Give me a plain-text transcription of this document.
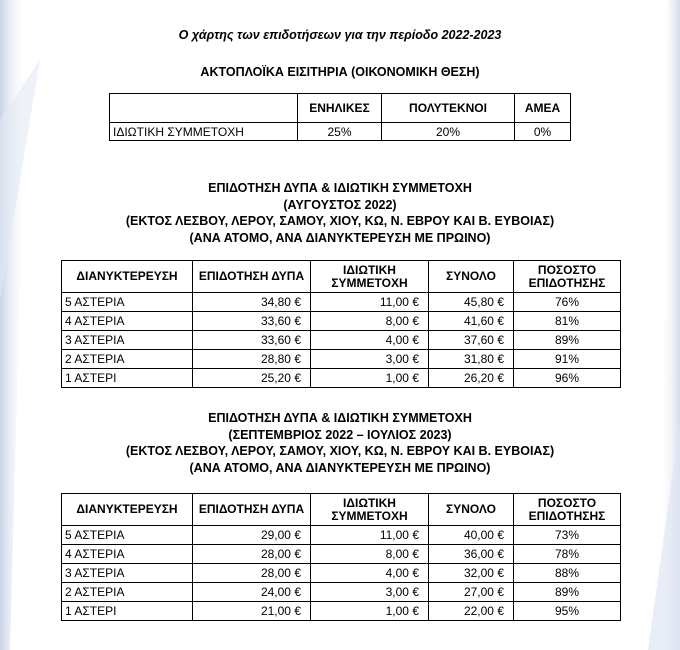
Ο χάρτης των επιδοτήσεων για την περίοδο 2022-2023
ΑΚΤΟΠΛΟΪΚΑ ΕΙΣΙΤΗΡΙΑ (ΟΙΚΟΝΟΜΙΚΗ ΘΕΣΗ)
	ΕΝΗΛΙΚΕΣ	ΠΟΛΥΤΕΚΝΟΙ	ΑΜΕΑ
ΙΔΙΩΤΙΚΗ ΣΥΜΜΕΤΟΧΗ	25%	20%	0%
ΕΠΙΔΟΤΗΣΗ ΔΥΠΑ & ΙΔΙΩΤΙΚΗ ΣΥΜΜΕΤΟΧΗ
(ΑΥΓΟΥΣΤΟΣ 2022)
(ΕΚΤΟΣ ΛΕΣΒΟΥ, ΛΕΡΟΥ, ΣΑΜΟΥ, ΧΙΟΥ, ΚΩ, Ν. ΕΒΡΟΥ ΚΑΙ Β. ΕΥΒΟΙΑΣ)
(ΑΝΑ ΑΤΟΜΟ, ΑΝΑ ΔΙΑΝΥΚΤΕΡΕΥΣΗ ΜΕ ΠΡΩΙΝΟ)
ΔΙΑΝΥΚΤΕΡΕΥΣΗ	ΕΠΙΔΟΤΗΣΗ ΔΥΠΑ	ΙΔΙΩΤΙΚΗ ΣΥΜΜΕΤΟΧΗ	ΣΥΝΟΛΟ	ΠΟΣΟΣΤΟ ΕΠΙΔΟΤΗΣΗΣ
5 ΑΣΤΕΡΙΑ	34,80 €	11,00 €	45,80 €	76%
4 ΑΣΤΕΡΙΑ	33,60 €	8,00 €	41,60 €	81%
3 ΑΣΤΕΡΙΑ	33,60 €	4,00 €	37,60 €	89%
2 ΑΣΤΕΡΙΑ	28,80 €	3,00 €	31,80 €	91%
1 ΑΣΤΕΡΙ	25,20 €	1,00 €	26,20 €	96%
ΕΠΙΔΟΤΗΣΗ ΔΥΠΑ & ΙΔΙΩΤΙΚΗ ΣΥΜΜΕΤΟΧΗ
(ΣΕΠΤΕΜΒΡΙΟΣ 2022 – ΙΟΥΛΙΟΣ 2023)
(ΕΚΤΟΣ ΛΕΣΒΟΥ, ΛΕΡΟΥ, ΣΑΜΟΥ, ΧΙΟΥ, ΚΩ, Ν. ΕΒΡΟΥ ΚΑΙ Β. ΕΥΒΟΙΑΣ)
(ΑΝΑ ΑΤΟΜΟ, ΑΝΑ ΔΙΑΝΥΚΤΕΡΕΥΣΗ ΜΕ ΠΡΩΙΝΟ)
ΔΙΑΝΥΚΤΕΡΕΥΣΗ	ΕΠΙΔΟΤΗΣΗ ΔΥΠΑ	ΙΔΙΩΤΙΚΗ ΣΥΜΜΕΤΟΧΗ	ΣΥΝΟΛΟ	ΠΟΣΟΣΤΟ ΕΠΙΔΟΤΗΣΗΣ
5 ΑΣΤΕΡΙΑ	29,00 €	11,00 €	40,00 €	73%
4 ΑΣΤΕΡΙΑ	28,00 €	8,00 €	36,00 €	78%
3 ΑΣΤΕΡΙΑ	28,00 €	4,00 €	32,00 €	88%
2 ΑΣΤΕΡΙΑ	24,00 €	3,00 €	27,00 €	89%
1 ΑΣΤΕΡΙ	21,00 €	1,00 €	22,00 €	95%
